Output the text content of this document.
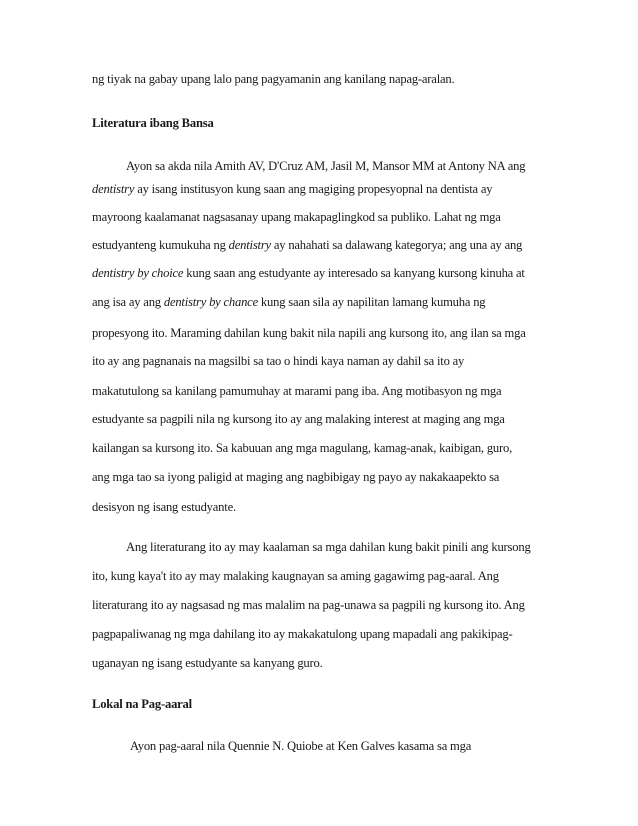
ng tiyak na gabay upang lalo pang pagyamanin ang kanilang napag-aralan.
Literatura ibang Bansa
Ayon sa akda nila Amith AV, D'Cruz AM, Jasil M, Mansor MM at Antony NA ang
dentistry ay isang institusyon kung saan ang magiging propesyopnal na dentista ay
mayroong kaalamanat nagsasanay upang makapaglingkod sa publiko. Lahat ng mga
estudyanteng kumukuha ng dentistry ay nahahati sa dalawang kategorya; ang una ay ang
dentistry by choice kung saan ang estudyante ay interesado sa kanyang kursong kinuha at
ang isa ay ang dentistry by chance kung saan sila ay napilitan lamang kumuha ng
propesyong ito. Maraming dahilan kung bakit nila napili ang kursong ito, ang ilan sa mga
ito ay ang pagnanais na magsilbi sa tao o hindi kaya naman ay dahil sa ito ay
makatutulong sa kanilang pamumuhay at marami pang iba. Ang motibasyon ng mga
estudyante sa pagpili nila ng kursong ito ay ang malaking interest at maging ang mga
kailangan sa kursong ito. Sa kabuuan ang mga magulang, kamag-anak, kaibigan, guro,
ang mga tao sa iyong paligid at maging ang nagbibigay ng payo ay nakakaapekto sa
desisyon ng isang estudyante.
Ang literaturang ito ay may kaalaman sa mga dahilan kung bakit pinili ang kursong
ito, kung kaya't ito ay may malaking kaugnayan sa aming gagawimg pag-aaral. Ang
literaturang ito ay nagsasad ng mas malalim na pag-unawa sa pagpili ng kursong ito. Ang
pagpapaliwanag ng mga dahilang ito ay makakatulong upang mapadali ang pakikipag-
uganayan ng isang estudyante sa kanyang guro.
Lokal na Pag-aaral
Ayon pag-aaral nila Quennie N. Quiobe at Ken Galves kasama sa mga
